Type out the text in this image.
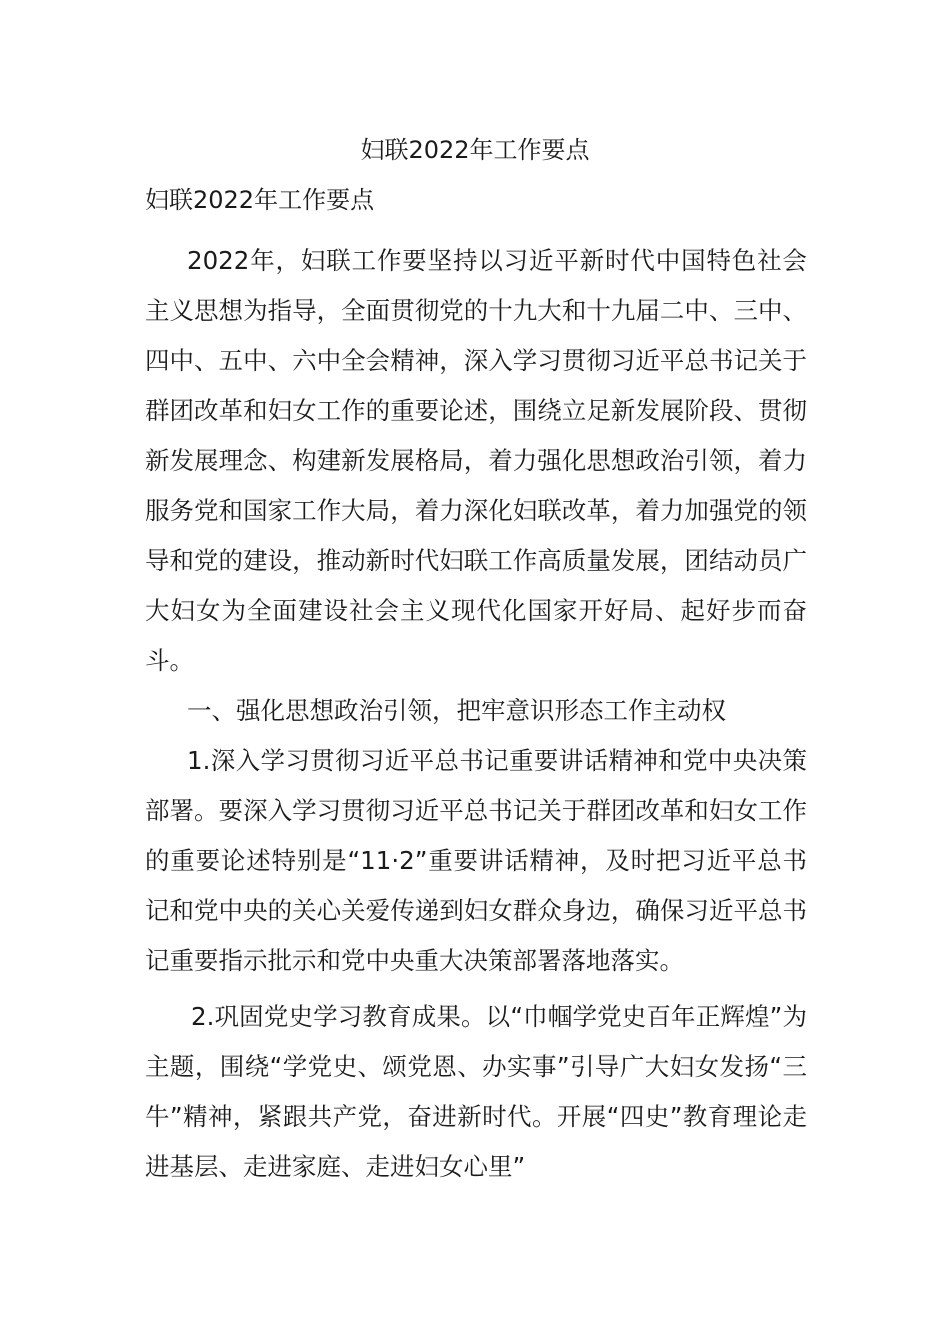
妇联2022年工作要点

妇联2022年工作要点

2022年，妇联工作要坚持以习近平新时代中国特色社会主义思想为指导，全面贯彻党的十九大和十九届二中、三中、四中、五中、六中全会精神，深入学习贯彻习近平总书记关于群团改革和妇女工作的重要论述，围绕立足新发展阶段、贯彻新发展理念、构建新发展格局，着力强化思想政治引领，着力服务党和国家工作大局，着力深化妇联改革，着力加强党的领导和党的建设，推动新时代妇联工作高质量发展，团结动员广大妇女为全面建设社会主义现代化国家开好局、起好步而奋斗。

一、强化思想政治引领，把牢意识形态工作主动权

1.深入学习贯彻习近平总书记重要讲话精神和党中央决策部署。要深入学习贯彻习近平总书记关于群团改革和妇女工作的重要论述特别是“11·2”重要讲话精神，及时把习近平总书记和党中央的关心关爱传递到妇女群众身边，确保习近平总书记重要指示批示和党中央重大决策部署落地落实。

2.巩固党史学习教育成果。以“巾帼学党史百年正辉煌”为主题，围绕“学党史、颂党恩、办实事”引导广大妇女发扬“三牛”精神，紧跟共产党，奋进新时代。开展“四史”教育理论走进基层、走进家庭、走进妇女心里”
